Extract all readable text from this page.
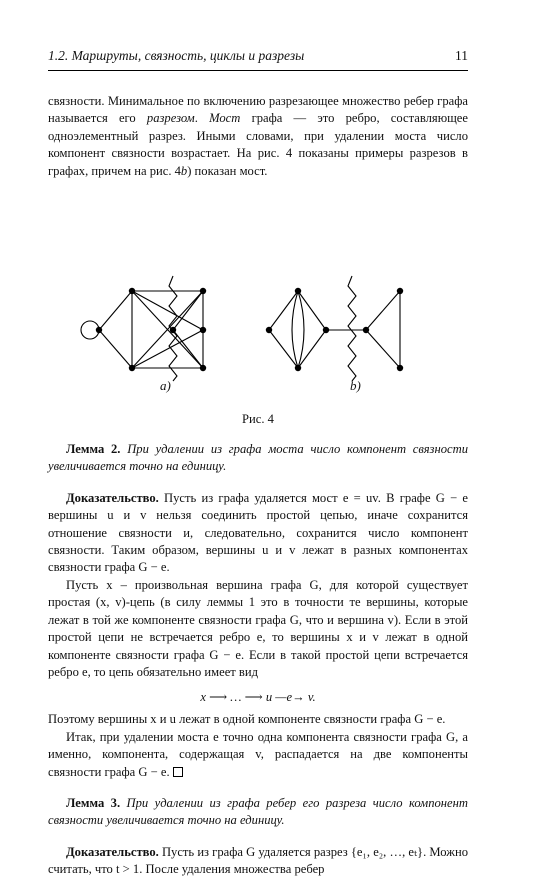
1.2. Маршруты, связность, циклы и разрезы	11

связности. Минимальное по включению разрезающее множество ребер графа называется его разрезом. Мост графа — это ребро, составляющее одноэлементный разрез. Иными словами, при удалении моста число компонент связности возрастает. На рис. 4 показаны примеры разрезов в графах, причем на рис. 4b) показан мост.

a)	b)
Рис. 4

Лемма 2. При удалении из графа моста число компонент связности увеличивается точно на единицу.

Доказательство. Пусть из графа удаляется мост e = uv. В графе G − e вершины u и v нельзя соединить простой цепью, иначе сохранится отношение связности и, следовательно, сохранится число компонент связности. Таким образом, вершины u и v лежат в разных компонентах связности графа G − e.

Пусть x – произвольная вершина графа G, для которой существует простая (x, v)-цепь (в силу леммы 1 это в точности те вершины, которые лежат в той же компоненте связности графа G, что и вершина v). Если в этой простой цепи не встречается ребро e, то вершины x и v лежат в одной компоненте связности графа G − e. Если в такой простой цепи встречается ребро e, то цепь обязательно имеет вид

x ⟶ … ⟶ u —e→ v.

Поэтому вершины x и u лежат в одной компоненте связности графа G − e.

Итак, при удалении моста e точно одна компонента связности графа G, а именно, компонента, содержащая v, распадается на две компоненты связности графа G − e.

Лемма 3. При удалении из графа ребер его разреза число компонент связности увеличивается точно на единицу.

Доказательство. Пусть из графа G удаляется разрез {e₁, e₂, …, eₜ}. Можно считать, что t > 1. После удаления множества ребер
